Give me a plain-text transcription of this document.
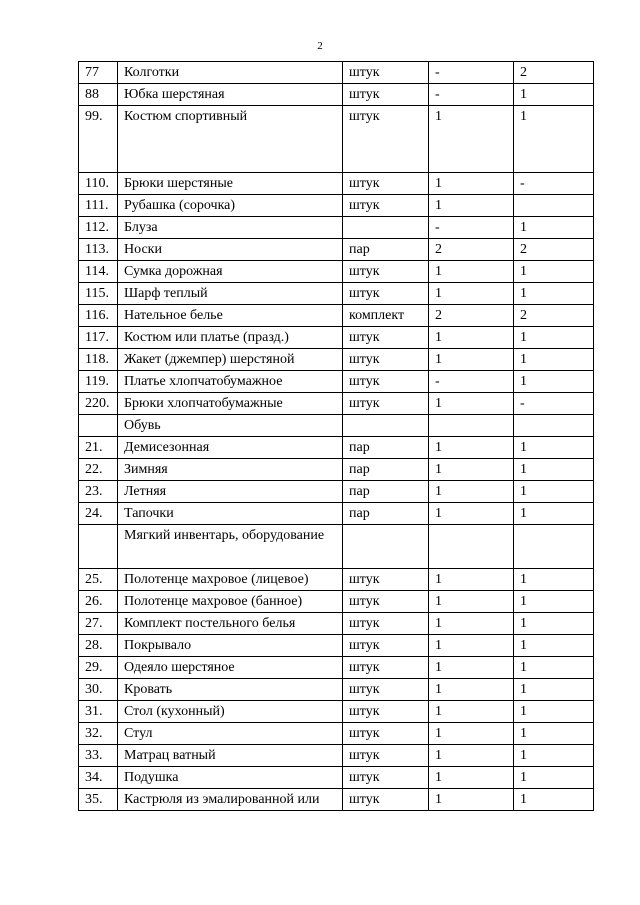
2
77	Колготки	штук	-	2
88	Юбка шерстяная	штук	-	1
99.	Костюм спортивный	штук	1	1
110.	Брюки шерстяные	штук	1	-
111.	Рубашка (сорочка)	штук	1	
112.	Блуза		-	1
113.	Носки	пар	2	2
114.	Сумка дорожная	штук	1	1
115.	Шарф теплый	штук	1	1
116.	Нательное белье	комплект	2	2
117.	Костюм или платье (празд.)	штук	1	1
118.	Жакет (джемпер) шерстяной	штук	1	1
119.	Платье хлопчатобумажное	штук	-	1
220.	Брюки хлопчатобумажные	штук	1	-
	Обувь			
21.	Демисезонная	пар	1	1
22.	Зимняя	пар	1	1
23.	Летняя	пар	1	1
24.	Тапочки	пар	1	1
	Мягкий инвентарь, оборудование			
25.	Полотенце махровое (лицевое)	штук	1	1
26.	Полотенце махровое (банное)	штук	1	1
27.	Комплект постельного белья	штук	1	1
28.	Покрывало	штук	1	1
29.	Одеяло шерстяное	штук	1	1
30.	Кровать	штук	1	1
31.	Стол (кухонный)	штук	1	1
32.	Стул	штук	1	1
33.	Матрац ватный	штук	1	1
34.	Подушка	штук	1	1
35.	Кастрюля из эмалированной или	штук	1	1
